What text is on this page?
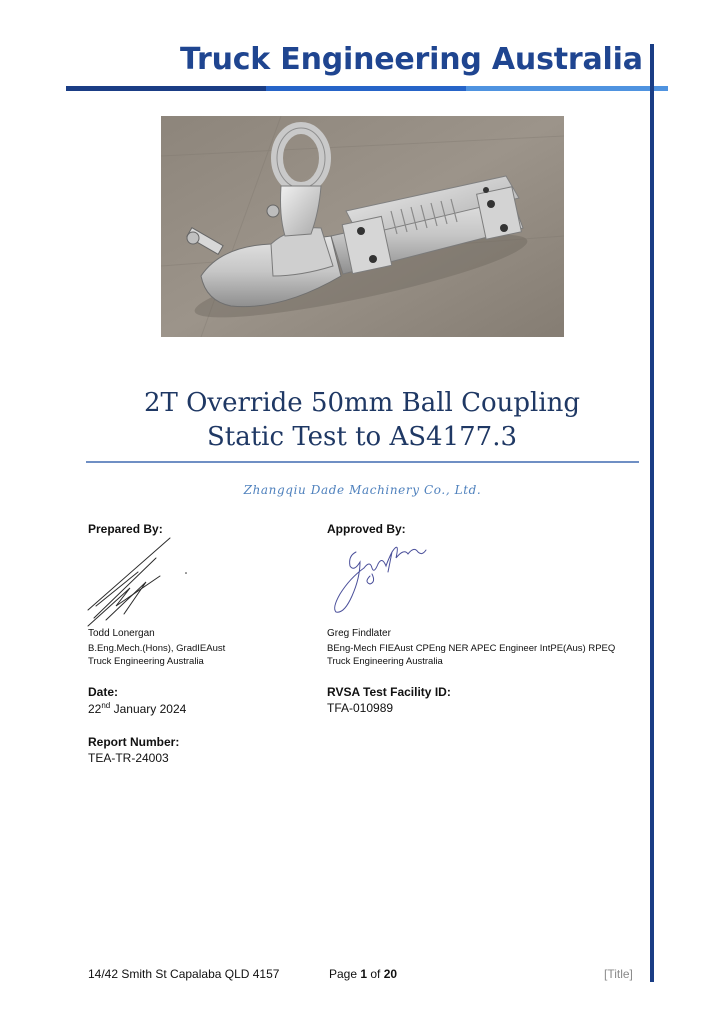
Truck Engineering Australia
2T Override 50mm Ball Coupling
Static Test to AS4177.3
Zhangqiu Dade Machinery Co., Ltd.
Prepared By:
Todd Lonergan
B.Eng.Mech.(Hons), GradIEAust
Truck Engineering Australia
Approved By:
Greg Findlater
BEng-Mech FIEAust CPEng NER APEC Engineer IntPE(Aus) RPEQ
Truck Engineering Australia
Date:
22nd January 2024
RVSA Test Facility ID:
TFA-010989
Report Number:
TEA-TR-24003
14/42 Smith St Capalaba QLD 4157	Page 1 of 20	[Title]
